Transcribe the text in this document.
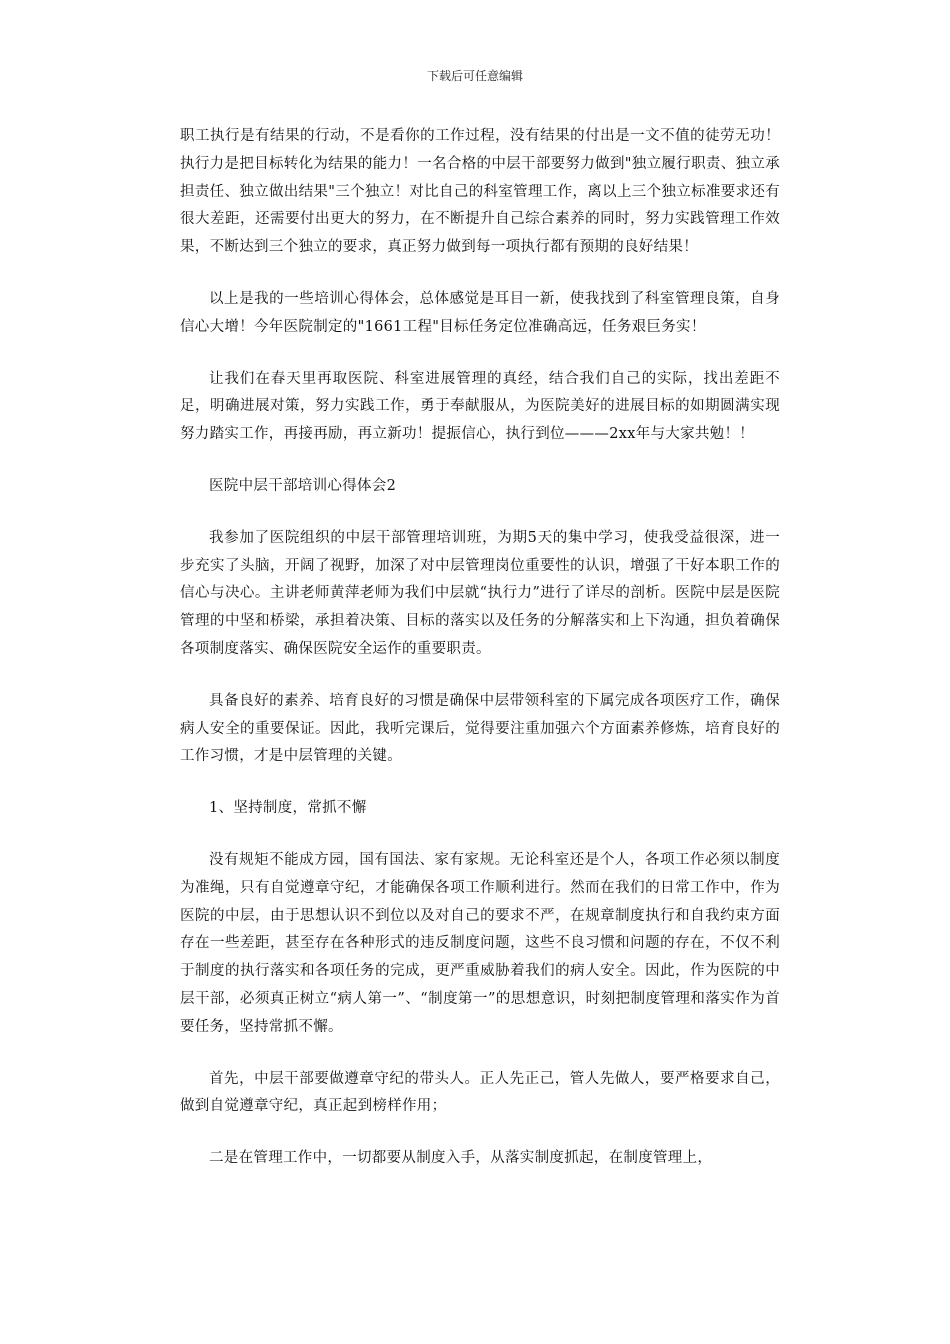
下载后可任意编辑

职工执行是有结果的行动，不是看你的工作过程，没有结果的付出是一文不值的徒劳无功！执行力是把目标转化为结果的能力！一名合格的中层干部要努力做到"独立履行职责、独立承担责任、独立做出结果"三个独立！对比自己的科室管理工作，离以上三个独立标准要求还有很大差距，还需要付出更大的努力，在不断提升自己综合素养的同时，努力实践管理工作效果，不断达到三个独立的要求，真正努力做到每一项执行都有预期的良好结果！

以上是我的一些培训心得体会，总体感觉是耳目一新，使我找到了科室管理良策，自身信心大增！今年医院制定的"1661工程"目标任务定位准确高远，任务艰巨务实！

让我们在春天里再取医院、科室进展管理的真经，结合我们自己的实际，找出差距不足，明确进展对策，努力实践工作，勇于奉献服从，为医院美好的进展目标的如期圆满实现努力踏实工作，再接再励，再立新功！提振信心，执行到位———2xx年与大家共勉！！

医院中层干部培训心得体会2

我参加了医院组织的中层干部管理培训班，为期5天的集中学习，使我受益很深，进一步充实了头脑，开阔了视野，加深了对中层管理岗位重要性的认识，增强了干好本职工作的信心与决心。主讲老师黄萍老师为我们中层就“执行力”进行了详尽的剖析。医院中层是医院管理的中坚和桥梁，承担着决策、目标的落实以及任务的分解落实和上下沟通，担负着确保各项制度落实、确保医院安全运作的重要职责。

具备良好的素养、培育良好的习惯是确保中层带领科室的下属完成各项医疗工作，确保病人安全的重要保证。因此，我听完课后，觉得要注重加强六个方面素养修炼，培育良好的工作习惯，才是中层管理的关键。

1、坚持制度，常抓不懈

没有规矩不能成方园，国有国法、家有家规。无论科室还是个人，各项工作必须以制度为准绳，只有自觉遵章守纪，才能确保各项工作顺利进行。然而在我们的日常工作中，作为医院的中层，由于思想认识不到位以及对自己的要求不严，在规章制度执行和自我约束方面存在一些差距，甚至存在各种形式的违反制度问题，这些不良习惯和问题的存在，不仅不利于制度的执行落实和各项任务的完成，更严重威胁着我们的病人安全。因此，作为医院的中层干部，必须真正树立“病人第一”、“制度第一”的思想意识，时刻把制度管理和落实作为首要任务，坚持常抓不懈。

首先，中层干部要做遵章守纪的带头人。正人先正己，管人先做人，要严格要求自己，做到自觉遵章守纪，真正起到榜样作用；

二是在管理工作中，一切都要从制度入手，从落实制度抓起，在制度管理上，
